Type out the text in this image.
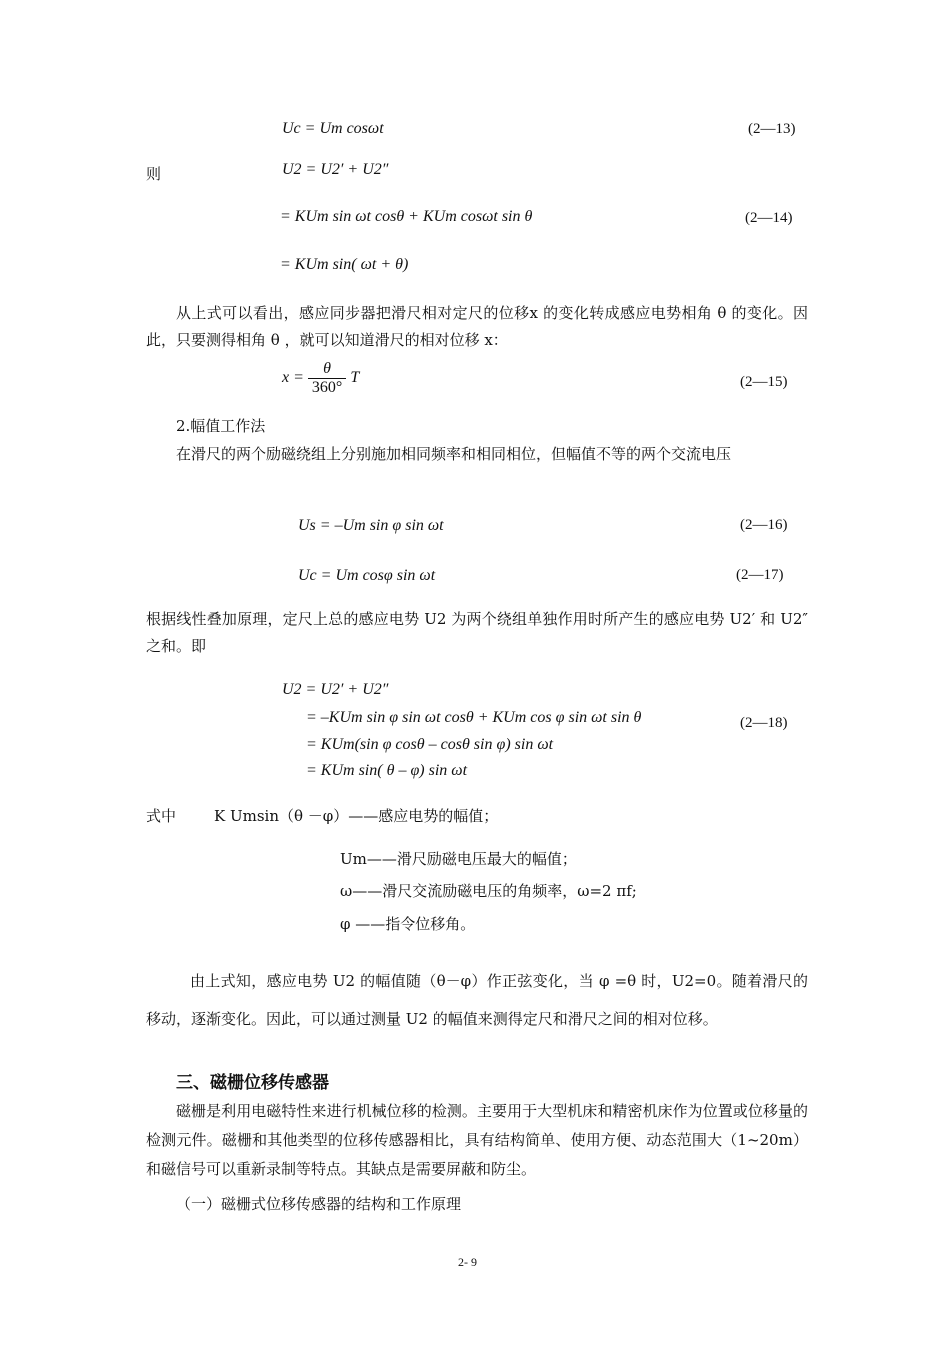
Uc = Um cosωt	(2—13)
则	U2 = U2′ + U2″
= KUm sin ωt cosθ + KUm cosωt sin θ	(2—14)
= KUm sin( ωt + θ)
从上式可以看出，感应同步器把滑尺相对定尺的位移x 的变化转成感应电势相角 θ 的变化。因此，只要测得相角 θ ，就可以知道滑尺的相对位移 x：
$x = \frac{\theta}{360^\circ}$ T	(2—15)
2.幅值工作法
在滑尺的两个励磁绕组上分别施加相同频率和相同相位，但幅值不等的两个交流电压
Us = –Um sin φ sin ωt	(2—16)
Uc = Um cosφ sin ωt	(2—17)
根据线性叠加原理，定尺上总的感应电势 U2 为两个绕组单独作用时所产生的感应电势 U2′ 和 U2″ 之和。即
U2 = U2′ + U2″
= –KUm sin φ sin ωt cosθ + KUm cos φ sin ωt sin θ	(2—18)
= KUm(sin φ cosθ – cosθ sin φ) sin ωt
= KUm sin( θ – φ) sin ωt
式中	K Umsin（θ －φ）——感应电势的幅值；
Um——滑尺励磁电压最大的幅值；
ω——滑尺交流励磁电压的角频率，ω=2 πf;
φ ——指令位移角。
由上式知，感应电势 U2 的幅值随（θ－φ）作正弦变化，当 φ =θ 时，U2=0。随着滑尺的移动，逐渐变化。因此，可以通过测量 U2 的幅值来测得定尺和滑尺之间的相对位移。
三、磁栅位移传感器
磁栅是利用电磁特性来进行机械位移的检测。主要用于大型机床和精密机床作为位置或位移量的检测元件。磁栅和其他类型的位移传感器相比，具有结构简单、使用方便、动态范围大（1~20m）和磁信号可以重新录制等特点。其缺点是需要屏蔽和防尘。
（一）磁栅式位移传感器的结构和工作原理
2- 9
